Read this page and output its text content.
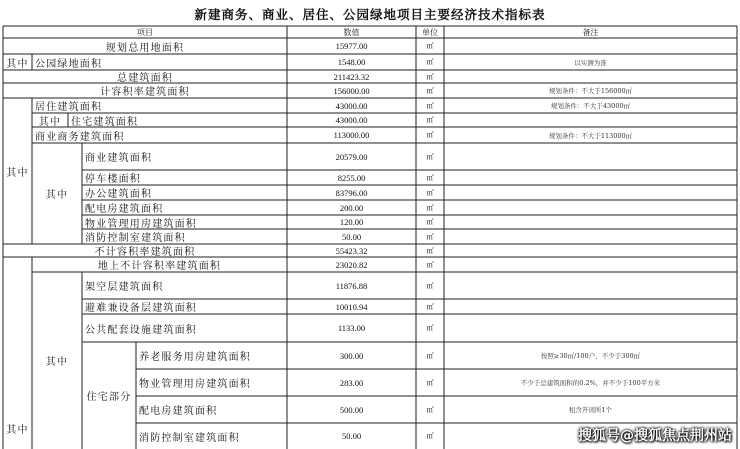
新建商务、商业、居住、公园绿地项目主要经济技术指标表
项目	数值	单位	备注
规划总用地面积	15977.00	㎡
其中 公园绿地面积	1548.00	㎡	以实测为准
总建筑面积	211423.32	㎡
计容积率建筑面积	156000.00	㎡	规划条件：不大于156000㎡
其中
居住建筑面积	43000.00	㎡	规划条件：不大于43000㎡
其中 住宅建筑面积	43000.00	㎡
商业商务建筑面积	113000.00	㎡	规划条件：不大于113000㎡
其中
商业建筑面积	20579.00	㎡
停车楼面积	8255.00	㎡
办公建筑面积	83796.00	㎡
配电房建筑面积	200.00	㎡
物业管理用房建筑面积	120.00	㎡
消防控制室建筑面积	50.00	㎡
不计容积率建筑面积	55423.32	㎡
其中
地上不计容积率建筑面积	23020.82	㎡
其中
架空层建筑面积	11876.88	㎡
避难兼设备层建筑面积	10010.94	㎡
公共配套设施建筑面积	1133.00	㎡
住宅部分
养老服务用房建筑面积	300.00	㎡	按照≥30㎡/100户，不少于300㎡
物业管理用房建筑面积	283.00	㎡	不少于总建筑面积的0.2%，并不少于100平方米
配电房建筑面积	500.00	㎡	租含开闭所1个
消防控制室建筑面积	50.00	㎡	搜狐号@搜狐焦点荆州站
